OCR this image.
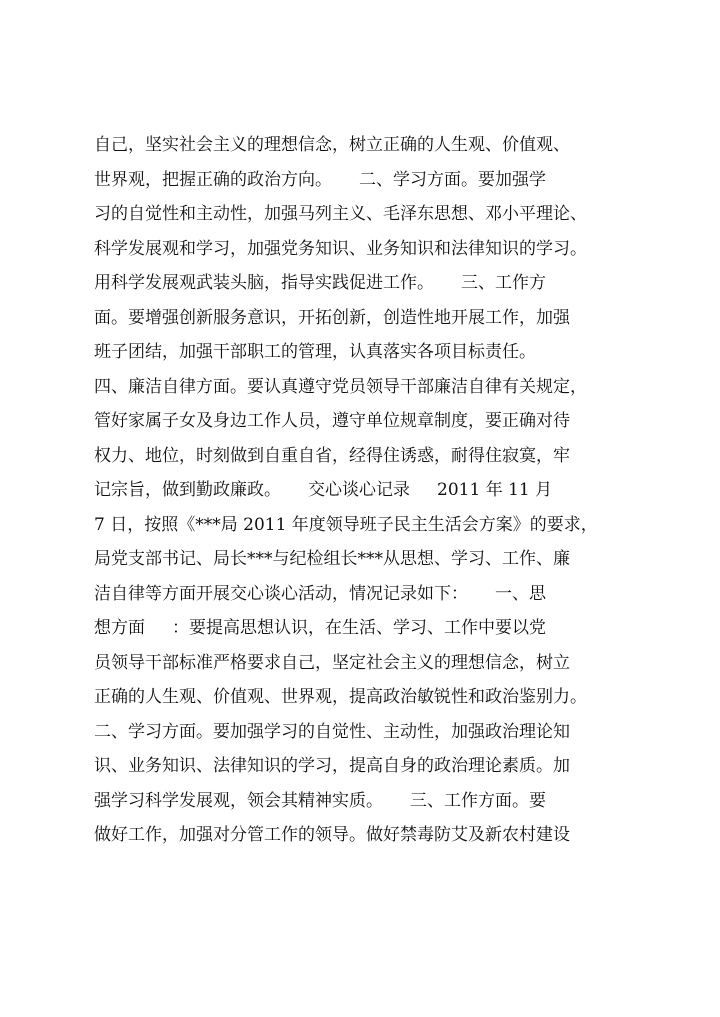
自己，坚实社会主义的理想信念，树立正确的人生观、价值观、
世界观，把握正确的政治方向。     二、学习方面。要加强学
习的自觉性和主动性，加强马列主义、毛泽东思想、邓小平理论、
科学发展观和学习，加强党务知识、业务知识和法律知识的学习。
用科学发展观武装头脑，指导实践促进工作。     三、工作方
面。要增强创新服务意识，开拓创新，创造性地开展工作，加强
班子团结，加强干部职工的管理，认真落实各项目标责任。
四、廉洁自律方面。要认真遵守党员领导干部廉洁自律有关规定，
管好家属子女及身边工作人员，遵守单位规章制度，要正确对待
权力、地位，时刻做到自重自省，经得住诱惑，耐得住寂寞，牢
记宗旨，做到勤政廉政。     交心谈心记录     2011 年 11 月
7 日，按照《***局 2011 年度领导班子民主生活会方案》的要求，
局党支部书记、局长***与纪检组长***从思想、学习、工作、廉
洁自律等方面开展交心谈心活动，情况记录如下：     一、思
想方面     ：要提高思想认识，在生活、学习、工作中要以党
员领导干部标准严格要求自己，坚定社会主义的理想信念，树立
正确的人生观、价值观、世界观，提高政治敏锐性和政治鉴别力。
二、学习方面。要加强学习的自觉性、主动性，加强政治理论知
识、业务知识、法律知识的学习，提高自身的政治理论素质。加
强学习科学发展观，领会其精神实质。     三、工作方面。要
做好工作，加强对分管工作的领导。做好禁毒防艾及新农村建设
